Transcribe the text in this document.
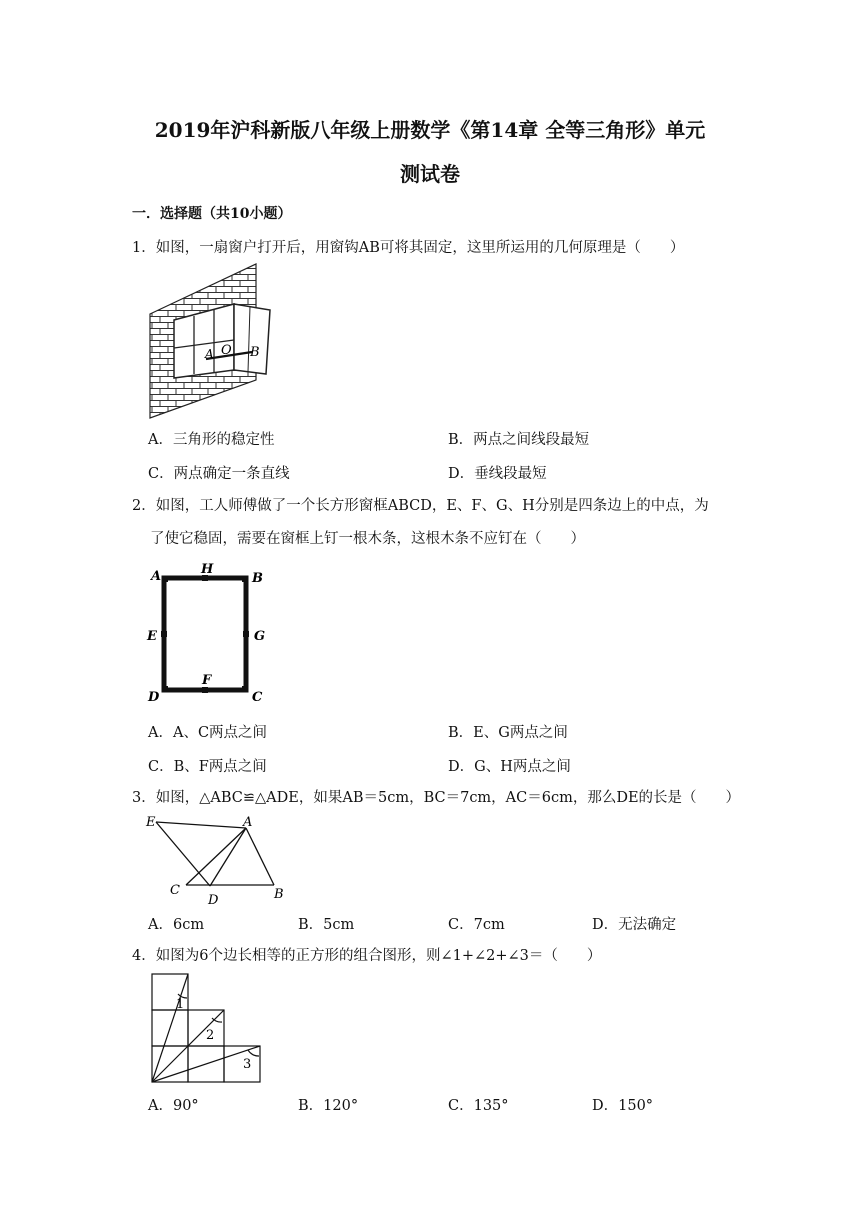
2019年沪科新版八年级上册数学《第14章 全等三角形》单元
测试卷
一．选择题（共10小题）
1．如图，一扇窗户打开后，用窗钩AB可将其固定，这里所运用的几何原理是（　　）
A O B
A．三角形的稳定性	B．两点之间线段最短
C．两点确定一条直线	D．垂线段最短
2．如图，工人师傅做了一个长方形窗框ABCD，E、F、G、H分别是四条边上的中点，为
了使它稳固，需要在窗框上钉一根木条，这根木条不应钉在（　　）
A	H
B
E	G
D
F
C
A．A、C两点之间	B．E、G两点之间
C．B、F两点之间	D．G、H两点之间
3．如图，△ABC≌△ADE，如果AB＝5cm，BC＝7cm，AC＝6cm，那么DE的长是（　　）
E	A
C
D	B
A．6cm	B．5cm	C．7cm	D．无法确定
4．如图为6个边长相等的正方形的组合图形，则∠1+∠2+∠3＝（　　）
1
2
3
A．90°	B．120°	C．135°	D．150°
